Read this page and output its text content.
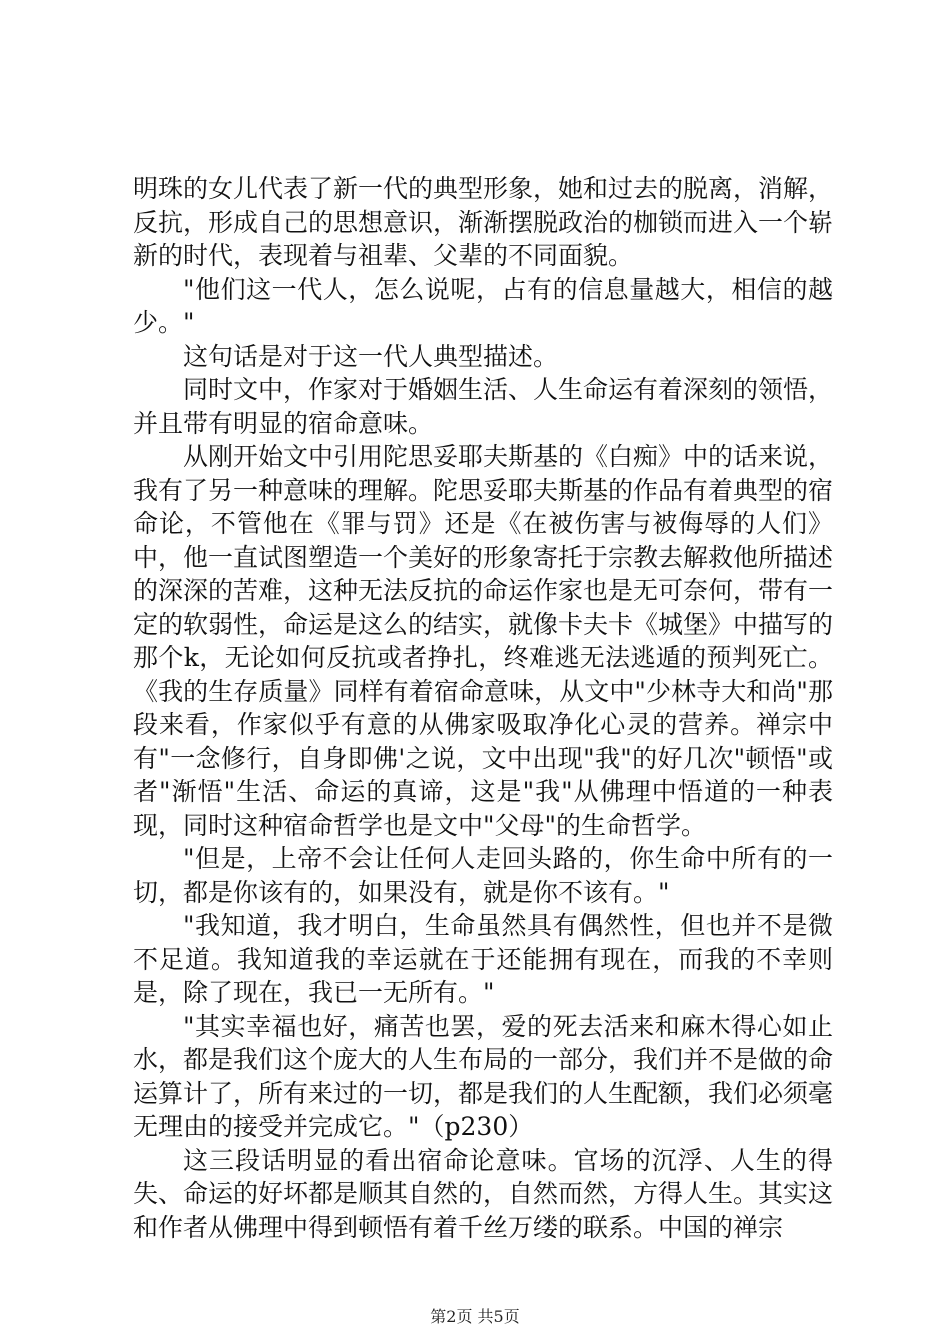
明珠的女儿代表了新一代的典型形象，她和过去的脱离，消解，反抗，形成自己的思想意识，渐渐摆脱政治的枷锁而进入一个崭新的时代，表现着与祖辈、父辈的不同面貌。

"他们这一代人，怎么说呢，占有的信息量越大，相信的越少。"

这句话是对于这一代人典型描述。

同时文中，作家对于婚姻生活、人生命运有着深刻的领悟，并且带有明显的宿命意味。

从刚开始文中引用陀思妥耶夫斯基的《白痴》中的话来说，我有了另一种意味的理解。陀思妥耶夫斯基的作品有着典型的宿命论，不管他在《罪与罚》还是《在被伤害与被侮辱的人们》中，他一直试图塑造一个美好的形象寄托于宗教去解救他所描述的深深的苦难，这种无法反抗的命运作家也是无可奈何，带有一定的软弱性，命运是这么的结实，就像卡夫卡《城堡》中描写的那个k，无论如何反抗或者挣扎，终难逃无法逃遁的预判死亡。《我的生存质量》同样有着宿命意味，从文中"少林寺大和尚"那段来看，作家似乎有意的从佛家吸取净化心灵的营养。禅宗中有"一念修行，自身即佛'之说，文中出现"我"的好几次"顿悟"或者"渐悟"生活、命运的真谛，这是"我"从佛理中悟道的一种表现，同时这种宿命哲学也是文中"父母"的生命哲学。

"但是，上帝不会让任何人走回头路的，你生命中所有的一切，都是你该有的，如果没有，就是你不该有。"

"我知道，我才明白，生命虽然具有偶然性，但也并不是微不足道。我知道我的幸运就在于还能拥有现在，而我的不幸则是，除了现在，我已一无所有。"

"其实幸福也好，痛苦也罢，爱的死去活来和麻木得心如止水，都是我们这个庞大的人生布局的一部分，我们并不是做的命运算计了，所有来过的一切，都是我们的人生配额，我们必须毫无理由的接受并完成它。"（p230）

这三段话明显的看出宿命论意味。官场的沉浮、人生的得失、命运的好坏都是顺其自然的，自然而然，方得人生。其实这和作者从佛理中得到顿悟有着千丝万缕的联系。中国的禅宗

第2页 共5页
